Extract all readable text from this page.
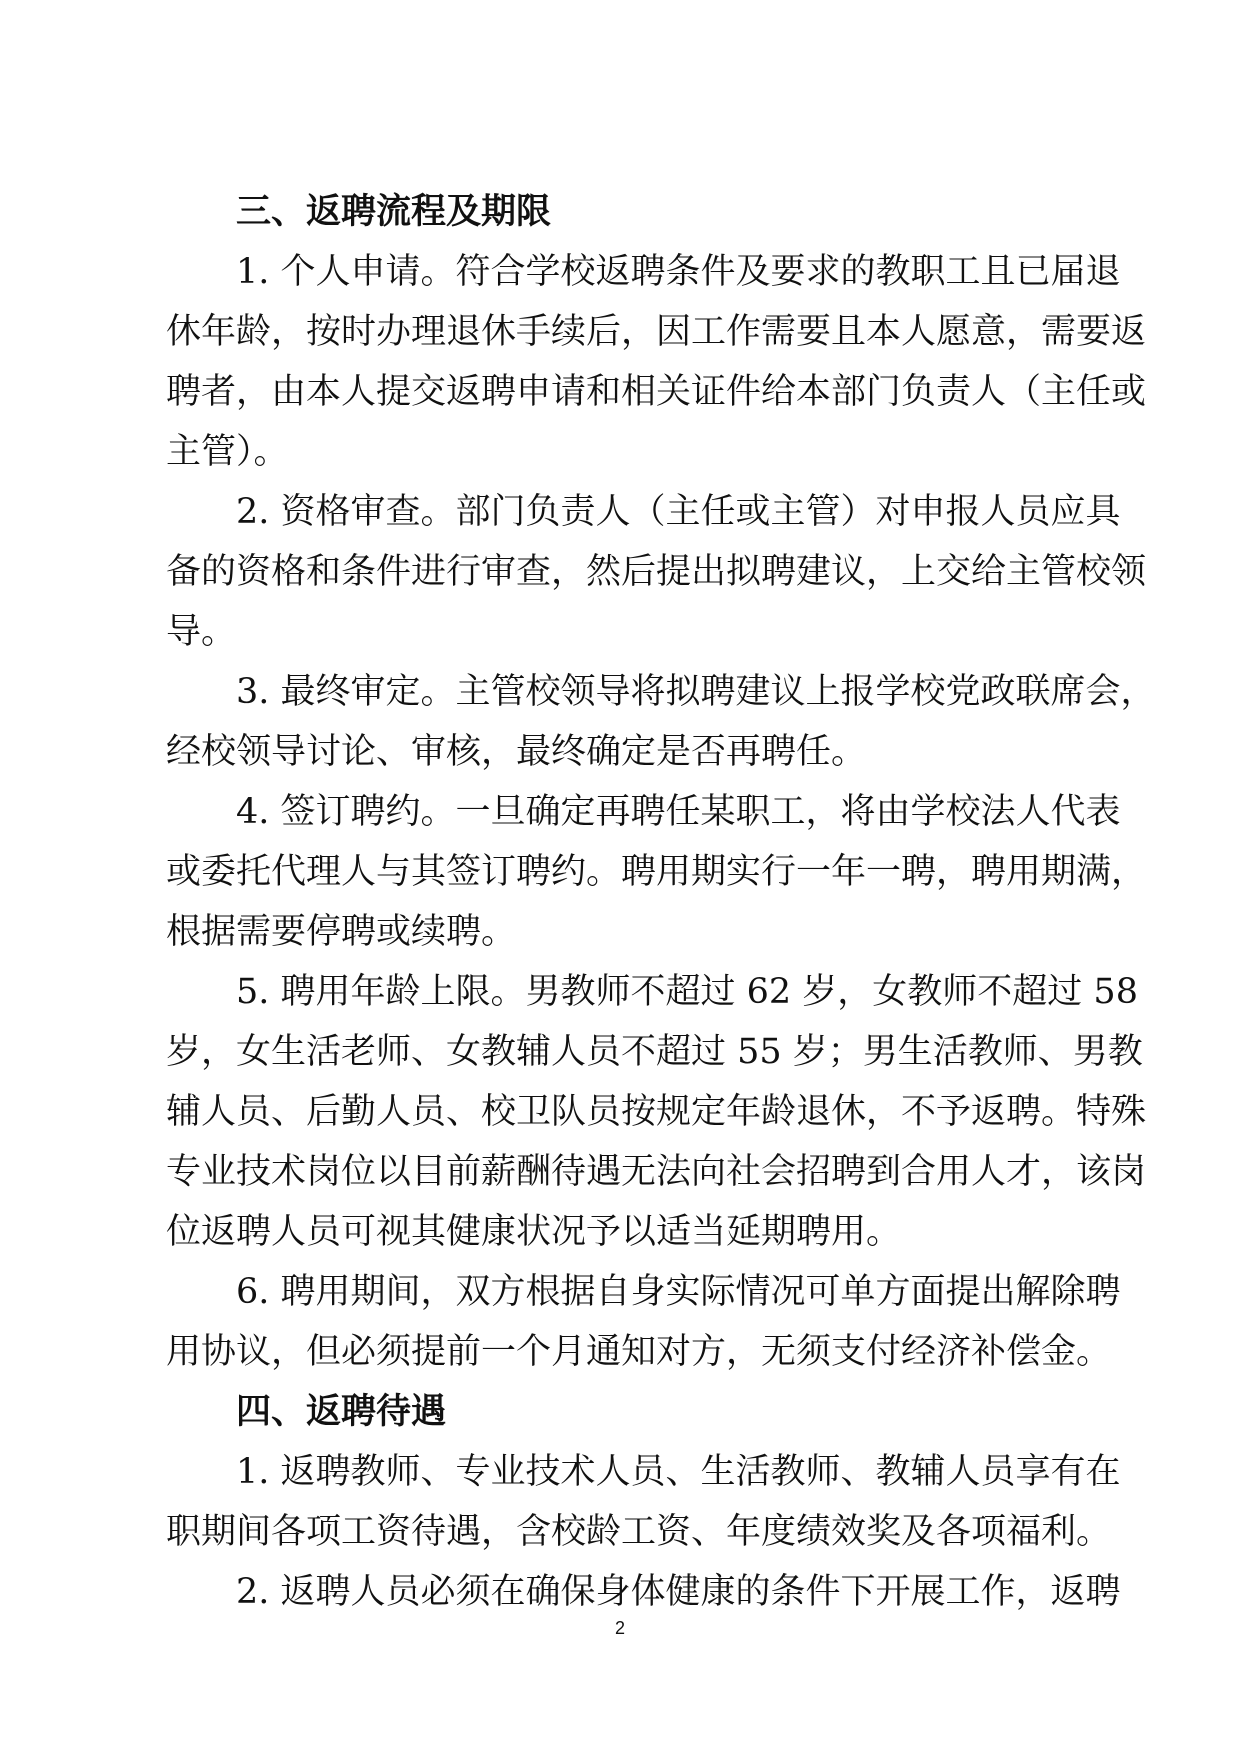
三、返聘流程及期限
1. 个人申请。符合学校返聘条件及要求的教职工且已届退
休年龄，按时办理退休手续后，因工作需要且本人愿意，需要返
聘者，由本人提交返聘申请和相关证件给本部门负责人（主任或
主管）。
2. 资格审查。部门负责人（主任或主管）对申报人员应具
备的资格和条件进行审查，然后提出拟聘建议，上交给主管校领
导。
3. 最终审定。主管校领导将拟聘建议上报学校党政联席会，
经校领导讨论、审核，最终确定是否再聘任。
4. 签订聘约。一旦确定再聘任某职工，将由学校法人代表
或委托代理人与其签订聘约。聘用期实行一年一聘，聘用期满，
根据需要停聘或续聘。
5. 聘用年龄上限。男教师不超过 62 岁，女教师不超过 58
岁，女生活老师、女教辅人员不超过 55 岁；男生活教师、男教
辅人员、后勤人员、校卫队员按规定年龄退休，不予返聘。特殊
专业技术岗位以目前薪酬待遇无法向社会招聘到合用人才，该岗
位返聘人员可视其健康状况予以适当延期聘用。
6. 聘用期间，双方根据自身实际情况可单方面提出解除聘
用协议，但必须提前一个月通知对方，无须支付经济补偿金。
四、返聘待遇
1. 返聘教师、专业技术人员、生活教师、教辅人员享有在
职期间各项工资待遇，含校龄工资、年度绩效奖及各项福利。
2. 返聘人员必须在确保身体健康的条件下开展工作，返聘
2
